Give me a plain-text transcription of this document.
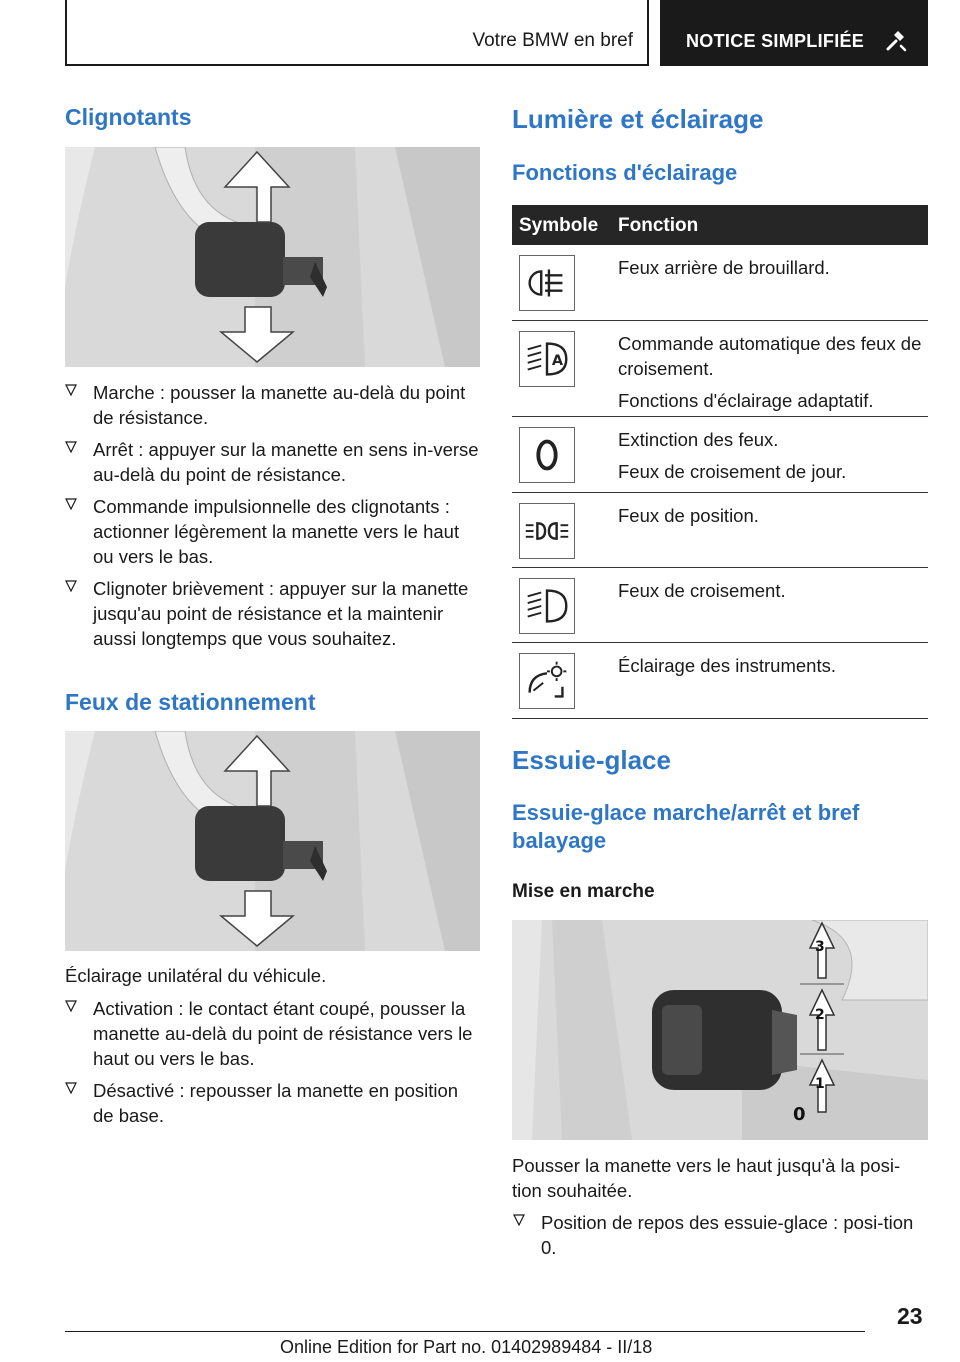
Votre BMW en bref	NOTICE SIMPLIFIÉE
Clignotants
Marche : pousser la manette au-delà du point de résistance.
Arrêt : appuyer sur la manette en sens in-verse au-delà du point de résistance.
Commande impulsionnelle des clignotants : actionner légèrement la manette vers le haut ou vers le bas.
Clignoter brièvement : appuyer sur la manette jusqu'au point de résistance et la maintenir aussi longtemps que vous souhaitez.
Feux de stationnement
Éclairage unilatéral du véhicule.
Activation : le contact étant coupé, pousser la manette au-delà du point de résistance vers le haut ou vers le bas.
Désactivé : repousser la manette en position de base.
Lumière et éclairage
Fonctions d'éclairage
Symbole Fonction

Feux arrière de brouillard.

A

Commande automatique des feux de croisement.

Fonctions d'éclairage adaptatif.

Extinction des feux.

Feux de croisement de jour.

Feux de position.

Feux de croisement.

Éclairage des instruments.

Essuie-glace
Essuie-glace marche/arrêt et bref balayage
Mise en marche
3
2
1
0
Pousser la manette vers le haut jusqu'à la posi-tion souhaitée.
Position de repos des essuie-glace : posi-tion 0.
23
Online Edition for Part no. 01402989484 - II/18
